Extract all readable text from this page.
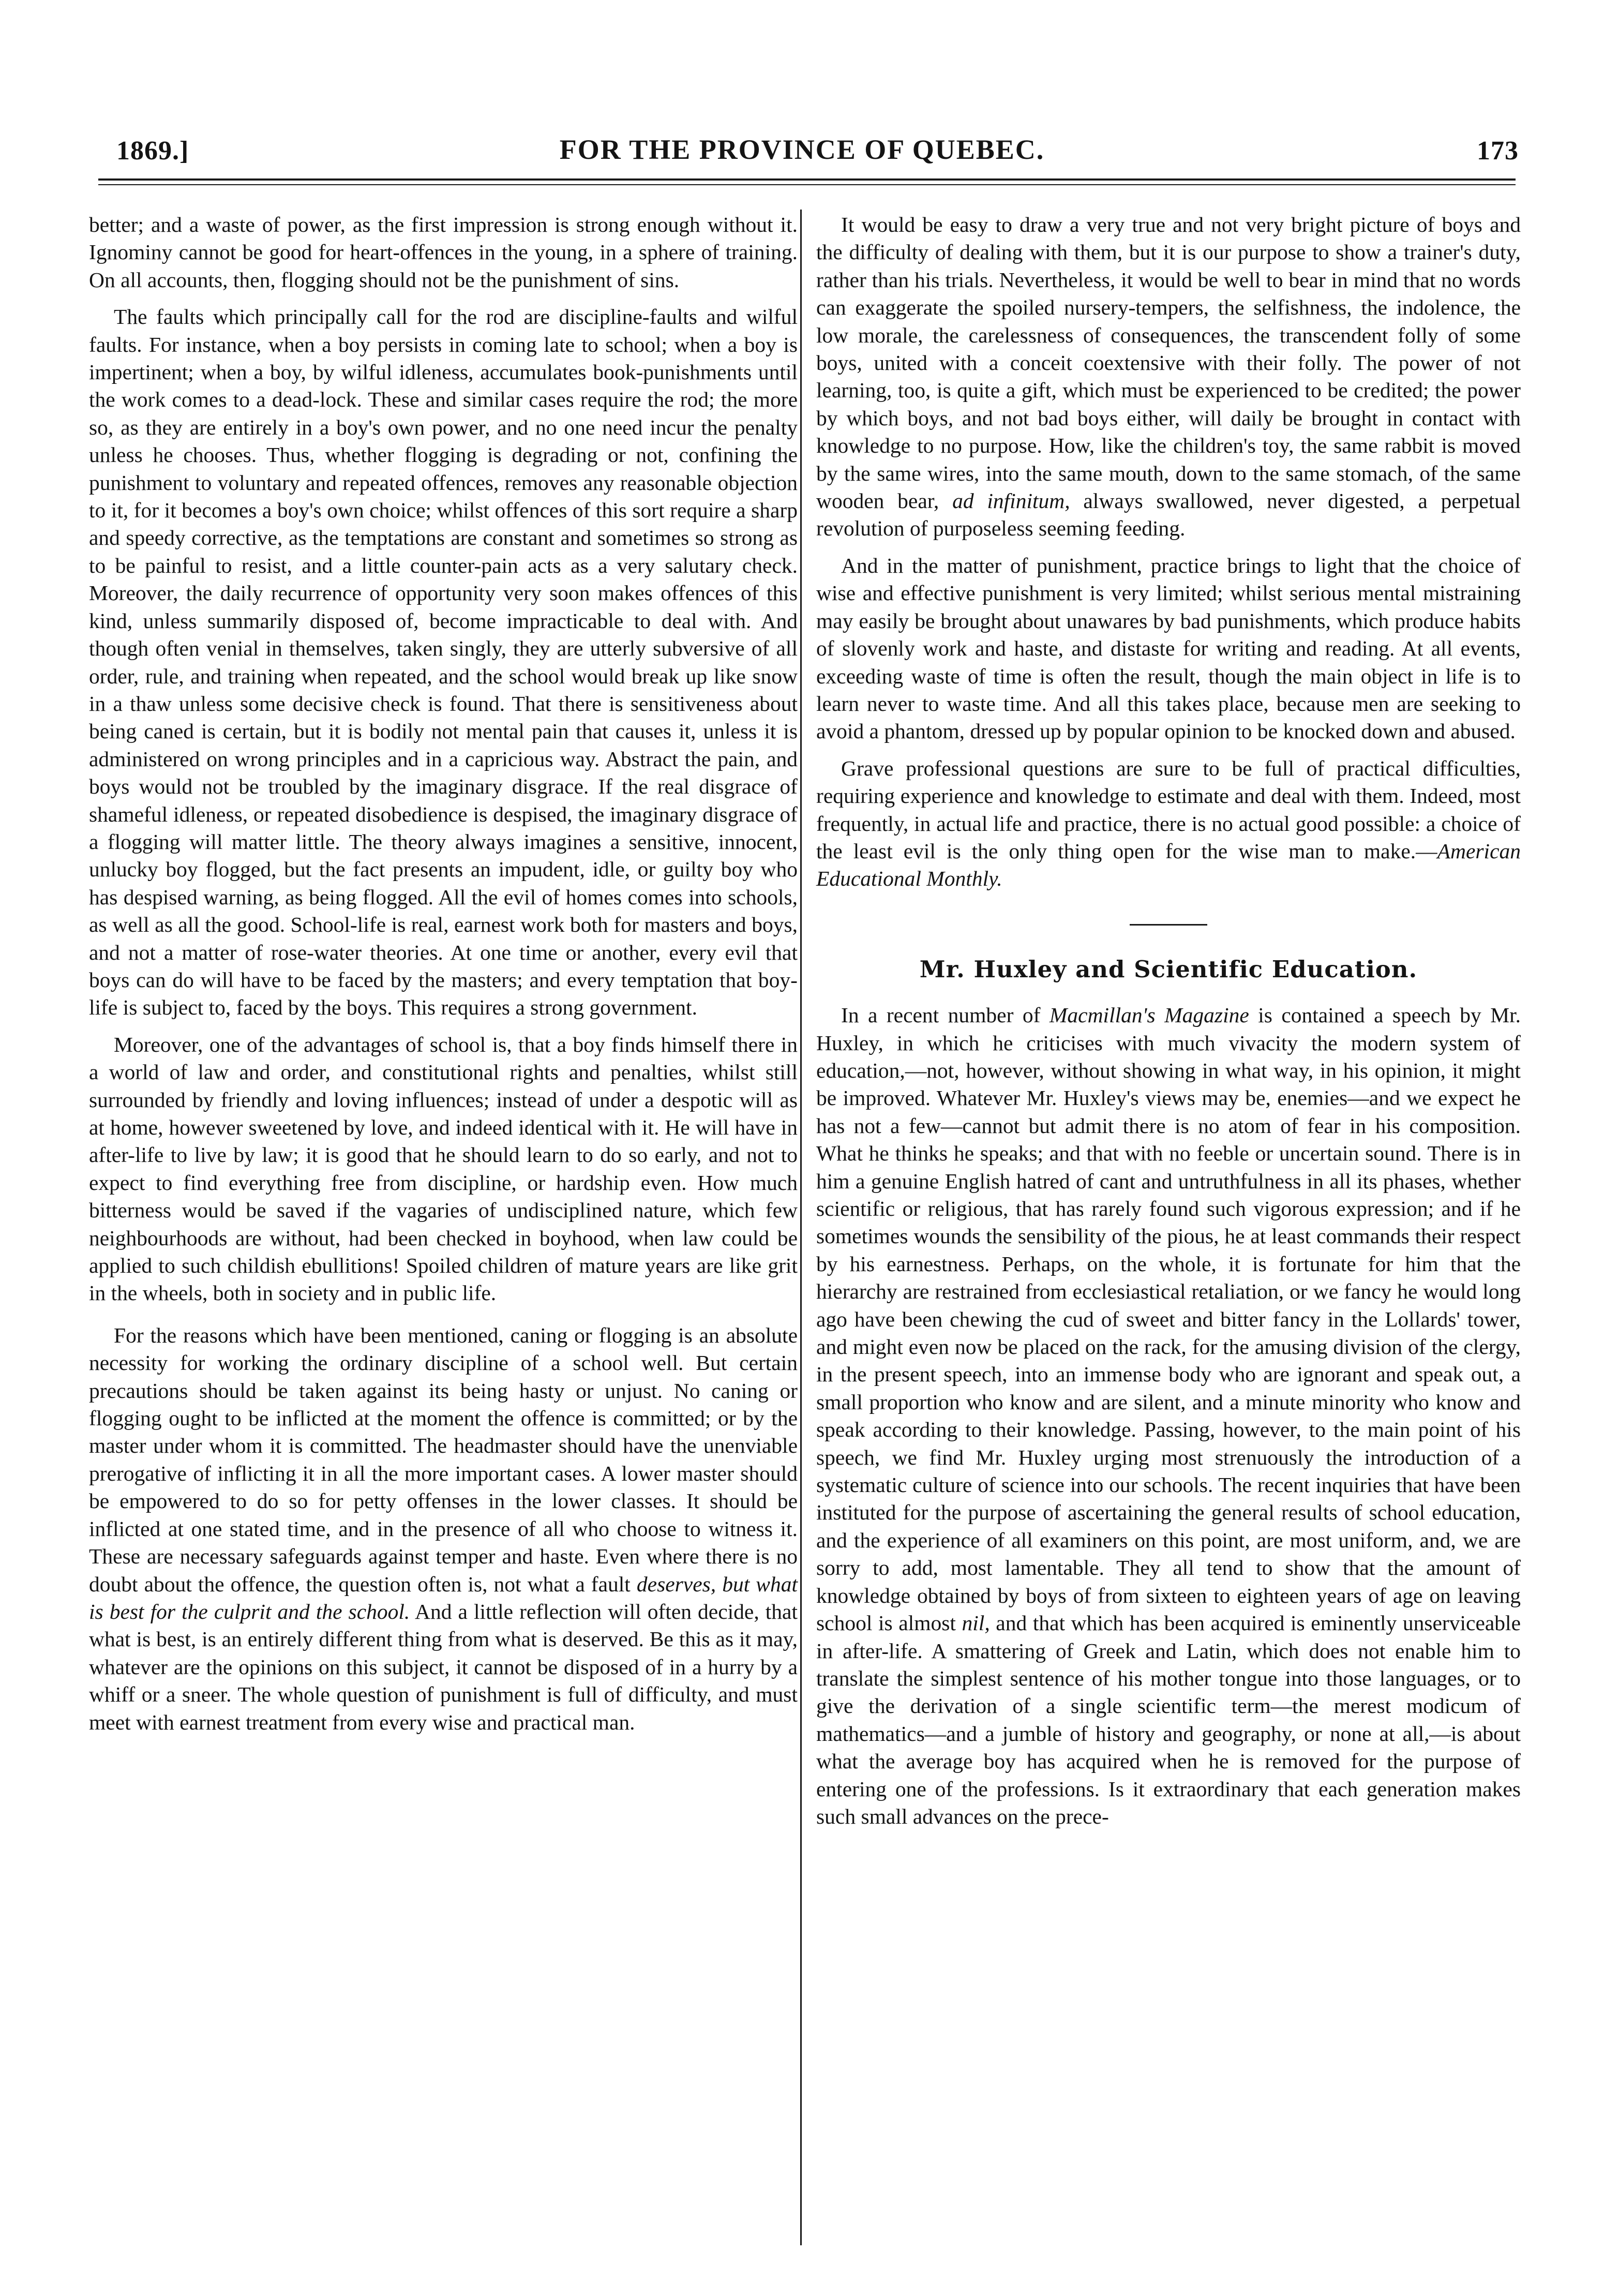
1869.]	FOR THE PROVINCE OF QUEBEC.	173

better; and a waste of power, as the first impression is strong enough without it. Ignominy cannot be good for heart-offences in the young, in a sphere of training. On all accounts, then, flogging should not be the punishment of sins.

The faults which principally call for the rod are discipline-faults and wilful faults. For instance, when a boy persists in coming late to school; when a boy is impertinent; when a boy, by wilful idleness, accumulates book-punishments until the work comes to a dead-lock. These and similar cases require the rod; the more so, as they are entirely in a boy's own power, and no one need incur the penalty unless he chooses. Thus, whether flogging is degrading or not, confining the punishment to voluntary and repeated offences, removes any reasonable objection to it, for it becomes a boy's own choice; whilst offences of this sort require a sharp and speedy corrective, as the temptations are constant and sometimes so strong as to be painful to resist, and a little counter-pain acts as a very salutary check. Moreover, the daily recurrence of opportunity very soon makes offences of this kind, unless summarily disposed of, become impracticable to deal with. And though often venial in themselves, taken singly, they are utterly subversive of all order, rule, and training when repeated, and the school would break up like snow in a thaw unless some decisive check is found. That there is sensitiveness about being caned is certain, but it is bodily not mental pain that causes it, unless it is administered on wrong principles and in a capricious way. Abstract the pain, and boys would not be troubled by the imaginary disgrace. If the real disgrace of shameful idleness, or repeated disobedience is despised, the imaginary disgrace of a flogging will matter little. The theory always imagines a sensitive, innocent, unlucky boy flogged, but the fact presents an impudent, idle, or guilty boy who has despised warning, as being flogged. All the evil of homes comes into schools, as well as all the good. School-life is real, earnest work both for masters and boys, and not a matter of rose-water theories. At one time or another, every evil that boys can do will have to be faced by the masters; and every temptation that boy-life is subject to, faced by the boys. This requires a strong government.

Moreover, one of the advantages of school is, that a boy finds himself there in a world of law and order, and constitutional rights and penalties, whilst still surrounded by friendly and loving influences; instead of under a despotic will as at home, however sweetened by love, and indeed identical with it. He will have in after-life to live by law; it is good that he should learn to do so early, and not to expect to find everything free from discipline, or hardship even. How much bitterness would be saved if the vagaries of undisciplined nature, which few neighbourhoods are without, had been checked in boyhood, when law could be applied to such childish ebullitions! Spoiled children of mature years are like grit in the wheels, both in society and in public life.

For the reasons which have been mentioned, caning or flogging is an absolute necessity for working the ordinary discipline of a school well. But certain precautions should be taken against its being hasty or unjust. No caning or flogging ought to be inflicted at the moment the offence is committed; or by the master under whom it is committed. The headmaster should have the unenviable prerogative of inflicting it in all the more important cases. A lower master should be empowered to do so for petty offenses in the lower classes. It should be inflicted at one stated time, and in the presence of all who choose to witness it. These are necessary safeguards against temper and haste. Even where there is no doubt about the offence, the question often is, not what a fault deserves, but what is best for the culprit and the school. And a little reflection will often decide, that what is best, is an entirely different thing from what is deserved. Be this as it may, whatever are the opinions on this subject, it cannot be disposed of in a hurry by a whiff or a sneer. The whole question of punishment is full of difficulty, and must meet with earnest treatment from every wise and practical man.

It would be easy to draw a very true and not very bright picture of boys and the difficulty of dealing with them, but it is our purpose to show a trainer's duty, rather than his trials. Nevertheless, it would be well to bear in mind that no words can exaggerate the spoiled nursery-tempers, the selfishness, the indolence, the low morale, the carelessness of consequences, the transcendent folly of some boys, united with a conceit coextensive with their folly. The power of not learning, too, is quite a gift, which must be experienced to be credited; the power by which boys, and not bad boys either, will daily be brought in contact with knowledge to no purpose. How, like the children's toy, the same rabbit is moved by the same wires, into the same mouth, down to the same stomach, of the same wooden bear, ad infinitum, always swallowed, never digested, a perpetual revolution of purposeless seeming feeding.

And in the matter of punishment, practice brings to light that the choice of wise and effective punishment is very limited; whilst serious mental mistraining may easily be brought about unawares by bad punishments, which produce habits of slovenly work and haste, and distaste for writing and reading. At all events, exceeding waste of time is often the result, though the main object in life is to learn never to waste time. And all this takes place, because men are seeking to avoid a phantom, dressed up by popular opinion to be knocked down and abused.

Grave professional questions are sure to be full of practical difficulties, requiring experience and knowledge to estimate and deal with them. Indeed, most frequently, in actual life and practice, there is no actual good possible: a choice of the least evil is the only thing open for the wise man to make.—American Educational Monthly.

Mr. Huxley and Scientific Education.

In a recent number of Macmillan's Magazine is contained a speech by Mr. Huxley, in which he criticises with much vivacity the modern system of education,—not, however, without showing in what way, in his opinion, it might be improved. Whatever Mr. Huxley's views may be, enemies—and we expect he has not a few—cannot but admit there is no atom of fear in his composition. What he thinks he speaks; and that with no feeble or uncertain sound. There is in him a genuine English hatred of cant and untruthfulness in all its phases, whether scientific or religious, that has rarely found such vigorous expression; and if he sometimes wounds the sensibility of the pious, he at least commands their respect by his earnestness. Perhaps, on the whole, it is fortunate for him that the hierarchy are restrained from ecclesiastical retaliation, or we fancy he would long ago have been chewing the cud of sweet and bitter fancy in the Lollards' tower, and might even now be placed on the rack, for the amusing division of the clergy, in the present speech, into an immense body who are ignorant and speak out, a small proportion who know and are silent, and a minute minority who know and speak according to their knowledge. Passing, however, to the main point of his speech, we find Mr. Huxley urging most strenuously the introduction of a systematic culture of science into our schools. The recent inquiries that have been instituted for the purpose of ascertaining the general results of school education, and the experience of all examiners on this point, are most uniform, and, we are sorry to add, most lamentable. They all tend to show that the amount of knowledge obtained by boys of from sixteen to eighteen years of age on leaving school is almost nil, and that which has been acquired is eminently unserviceable in after-life. A smattering of Greek and Latin, which does not enable him to translate the simplest sentence of his mother tongue into those languages, or to give the derivation of a single scientific term—the merest modicum of mathematics—and a jumble of history and geography, or none at all,—is about what the average boy has acquired when he is removed for the purpose of entering one of the professions. Is it extraordinary that each generation makes such small advances on the prece-
